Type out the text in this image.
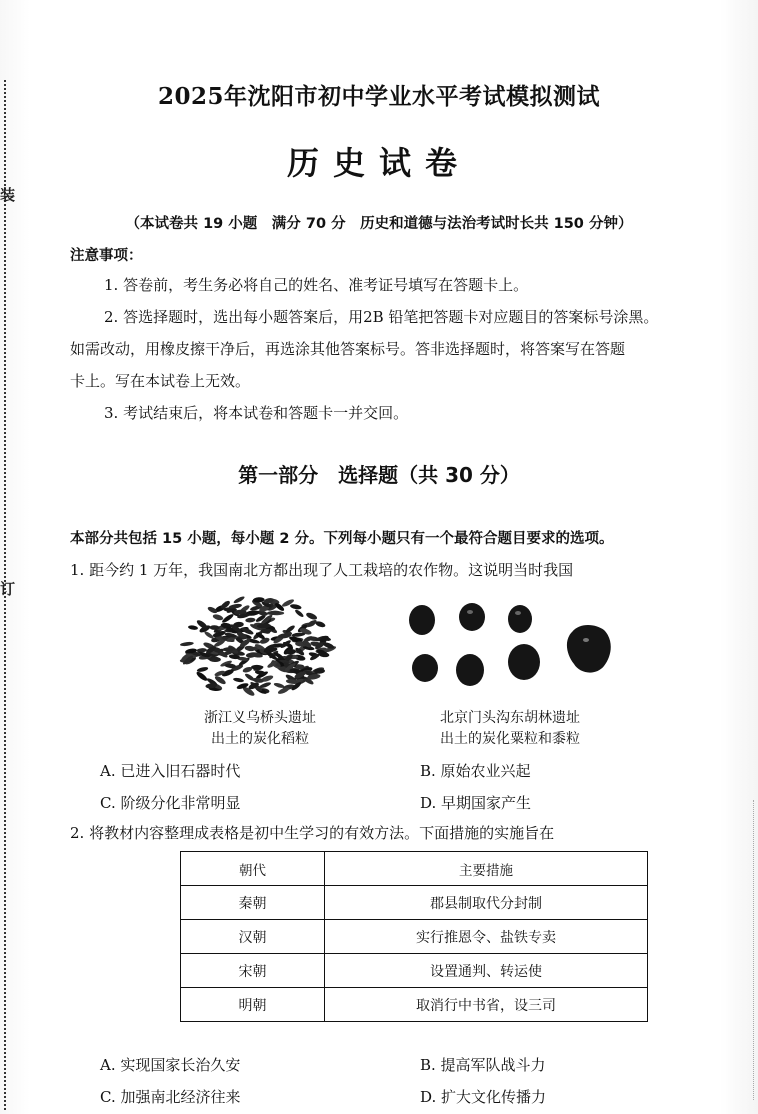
装
订
2025年沈阳市初中学业水平考试模拟测试
历史试卷
（本试卷共 19 小题　满分 70 分　历史和道德与法治考试时长共 150 分钟）
注意事项：
1. 答卷前，考生务必将自己的姓名、准考证号填写在答题卡上。
2. 答选择题时，选出每小题答案后，用2B 铅笔把答题卡对应题目的答案标号涂黑。
如需改动，用橡皮擦干净后，再选涂其他答案标号。答非选择题时，将答案写在答题
卡上。写在本试卷上无效。
3. 考试结束后，将本试卷和答题卡一并交回。
第一部分　选择题（共 30 分）
本部分共包括 15 小题，每小题 2 分。下列每小题只有一个最符合题目要求的选项。
1. 距今约 1 万年，我国南北方都出现了人工栽培的农作物。这说明当时我国
浙江义乌桥头遗址
出土的炭化稻粒
北京门头沟东胡林遗址
出土的炭化粟粒和黍粒
A. 已进入旧石器时代	B. 原始农业兴起
C. 阶级分化非常明显	D. 早期国家产生
2. 将教材内容整理成表格是初中生学习的有效方法。下面措施的实施旨在
朝代	主要措施
秦朝	郡县制取代分封制
汉朝	实行推恩令、盐铁专卖
宋朝	设置通判、转运使
明朝	取消行中书省，设三司
A. 实现国家长治久安	B. 提高军队战斗力
C. 加强南北经济往来	D. 扩大文化传播力
